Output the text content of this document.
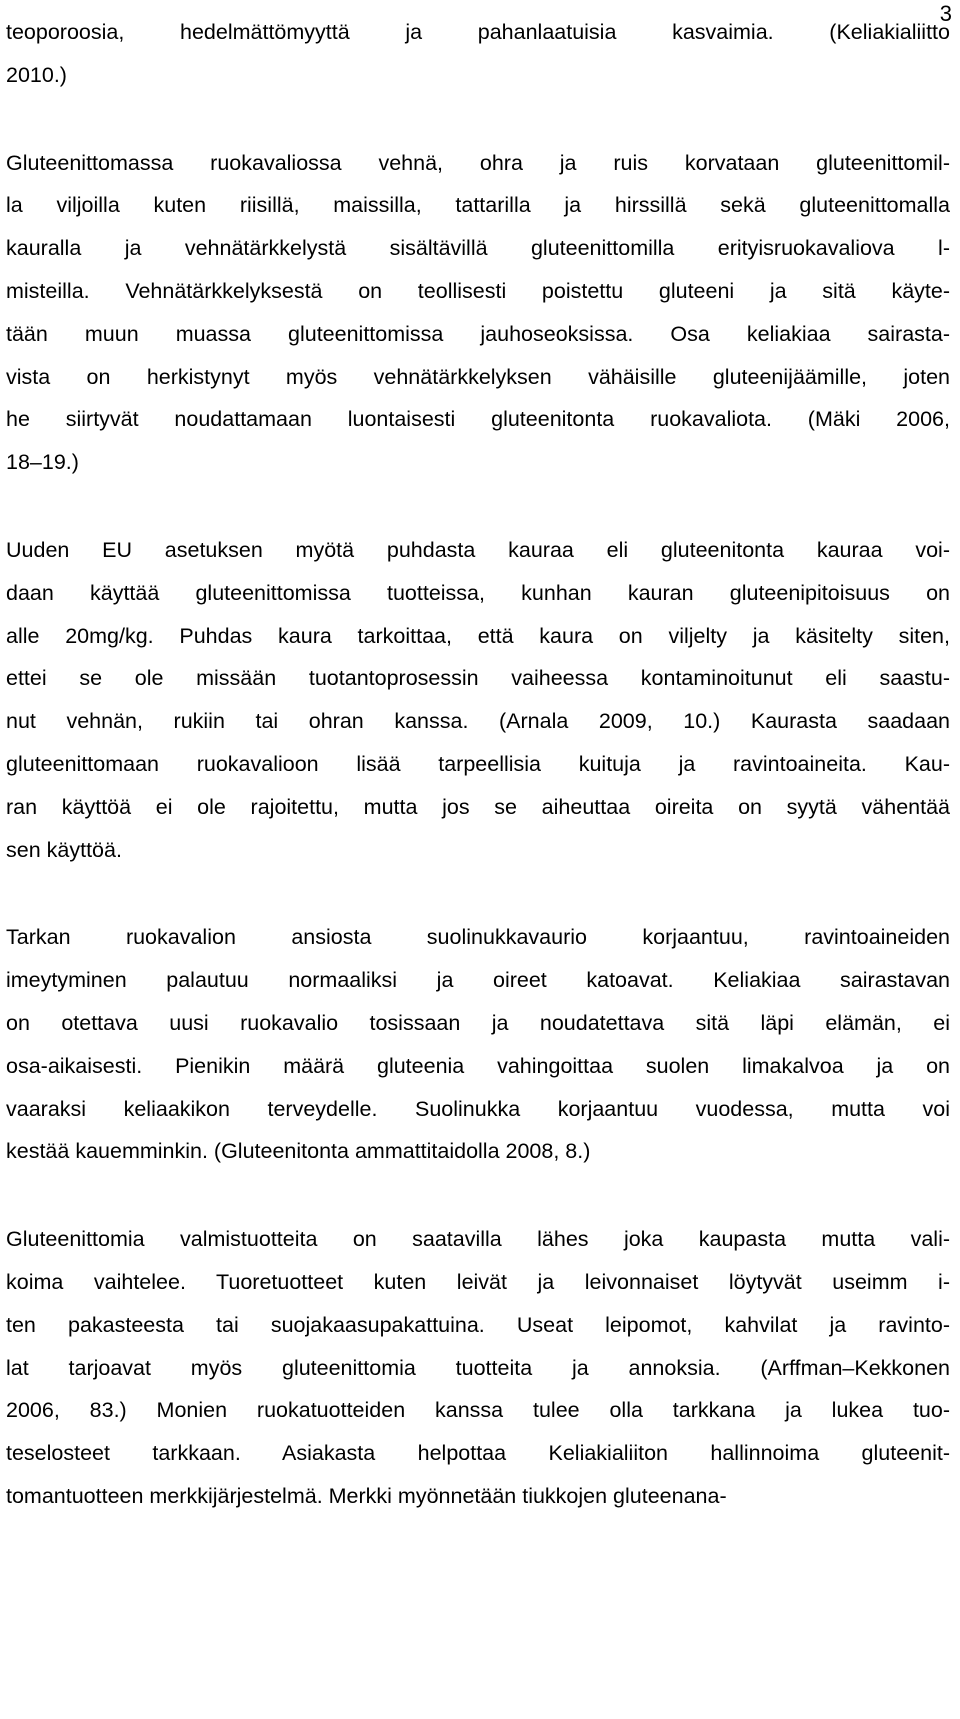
3
teoporoosia, hedelmättömyyttä ja pahanlaatuisia kasvaimia. (Keliakialiitto
2010.)
Gluteenittomassa ruokavaliossa vehnä, ohra ja ruis korvataan gluteenittomil-
la viljoilla kuten riisillä, maissilla, tattarilla ja hirssillä sekä gluteenittomalla
kauralla ja vehnätärkkelystä sisältävillä gluteenittomilla erityisruokavaliova l-
misteilla. Vehnätärkkelyksestä on teollisesti poistettu gluteeni ja sitä käyte-
tään muun muassa gluteenittomissa jauhoseoksissa. Osa keliakiaa sairasta-
vista on herkistynyt myös vehnätärkkelyksen vähäisille gluteenijäämille, joten
he siirtyvät noudattamaan luontaisesti gluteenitonta ruokavaliota. (Mäki 2006,
18–19.)
Uuden EU asetuksen myötä puhdasta kauraa eli gluteenitonta kauraa voi-
daan käyttää gluteenittomissa tuotteissa, kunhan kauran gluteenipitoisuus on
alle 20mg/kg. Puhdas kaura tarkoittaa, että kaura on viljelty ja käsitelty siten,
ettei se ole missään tuotantoprosessin vaiheessa kontaminoitunut eli saastu-
nut vehnän, rukiin tai ohran kanssa. (Arnala 2009, 10.) Kaurasta saadaan
gluteenittomaan ruokavalioon lisää tarpeellisia kuituja ja ravintoaineita. Kau-
ran käyttöä ei ole rajoitettu, mutta jos se aiheuttaa oireita on syytä vähentää
sen käyttöä.
Tarkan ruokavalion ansiosta suolinukkavaurio korjaantuu, ravintoaineiden
imeytyminen palautuu normaaliksi ja oireet katoavat. Keliakiaa sairastavan
on otettava uusi ruokavalio tosissaan ja noudatettava sitä läpi elämän, ei
osa-aikaisesti. Pienikin määrä gluteenia vahingoittaa suolen limakalvoa ja on
vaaraksi keliaakikon terveydelle. Suolinukka korjaantuu vuodessa, mutta voi
kestää kauemminkin. (Gluteenitonta ammattitaidolla 2008, 8.)
Gluteenittomia valmistuotteita on saatavilla lähes joka kaupasta mutta vali-
koima vaihtelee. Tuoretuotteet kuten leivät ja leivonnaiset löytyvät useimm i-
ten pakasteesta tai suojakaasupakattuina. Useat leipomot, kahvilat ja ravinto-
lat tarjoavat myös gluteenittomia tuotteita ja annoksia. (Arffman–Kekkonen
2006, 83.) Monien ruokatuotteiden kanssa tulee olla tarkkana ja lukea tuo-
teselosteet tarkkaan. Asiakasta helpottaa Keliakialiiton hallinnoima gluteenit-
tomantuotteen merkkijärjestelmä. Merkki myönnetään tiukkojen gluteenana-
